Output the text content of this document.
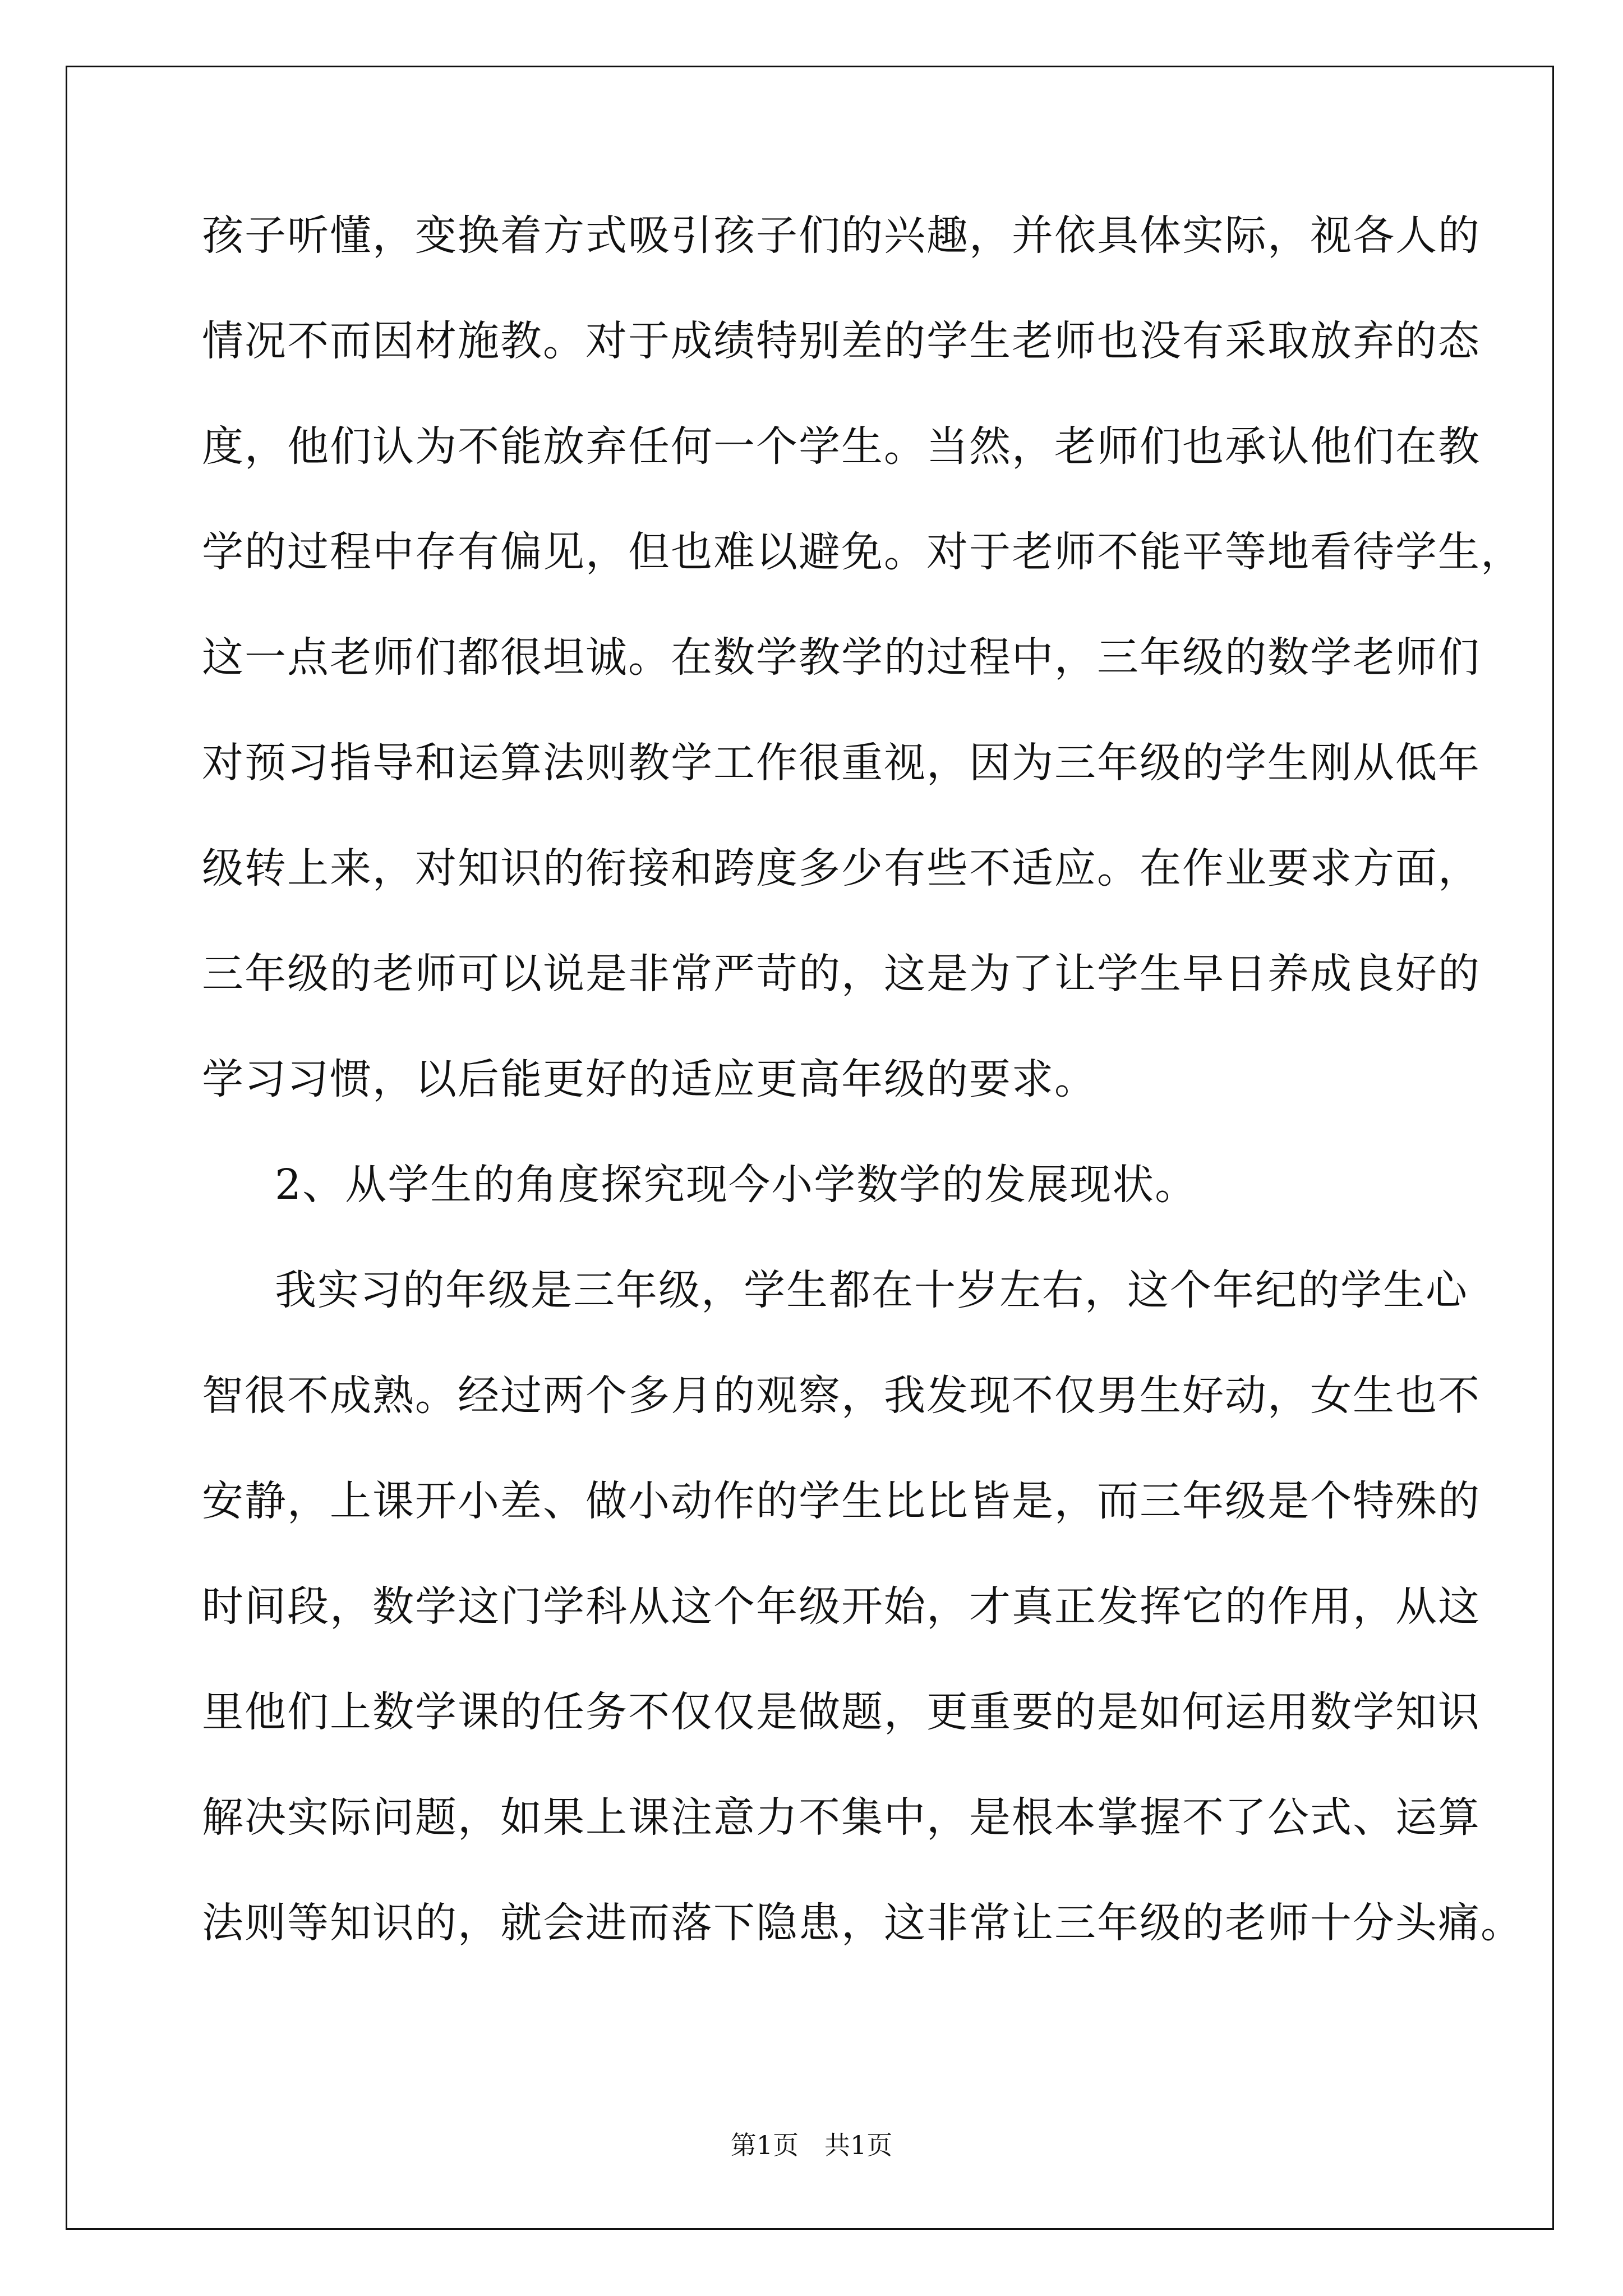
孩子听懂，变换着方式吸引孩子们的兴趣，并依具体实际，视各人的
情况不而因材施教。对于成绩特别差的学生老师也没有采取放弃的态
度，他们认为不能放弃任何一个学生。当然，老师们也承认他们在教
学的过程中存有偏见，但也难以避免。对于老师不能平等地看待学生，
这一点老师们都很坦诚。在数学教学的过程中，三年级的数学老师们
对预习指导和运算法则教学工作很重视，因为三年级的学生刚从低年
级转上来，对知识的衔接和跨度多少有些不适应。在作业要求方面，
三年级的老师可以说是非常严苛的，这是为了让学生早日养成良好的
学习习惯，以后能更好的适应更高年级的要求。
2、从学生的角度探究现今小学数学的发展现状。
我实习的年级是三年级，学生都在十岁左右，这个年纪的学生心
智很不成熟。经过两个多月的观察，我发现不仅男生好动，女生也不
安静，上课开小差、做小动作的学生比比皆是，而三年级是个特殊的
时间段，数学这门学科从这个年级开始，才真正发挥它的作用，从这
里他们上数学课的任务不仅仅是做题，更重要的是如何运用数学知识
解决实际问题，如果上课注意力不集中，是根本掌握不了公式、运算
法则等知识的，就会进而落下隐患，这非常让三年级的老师十分头痛。
第1页　共1页
